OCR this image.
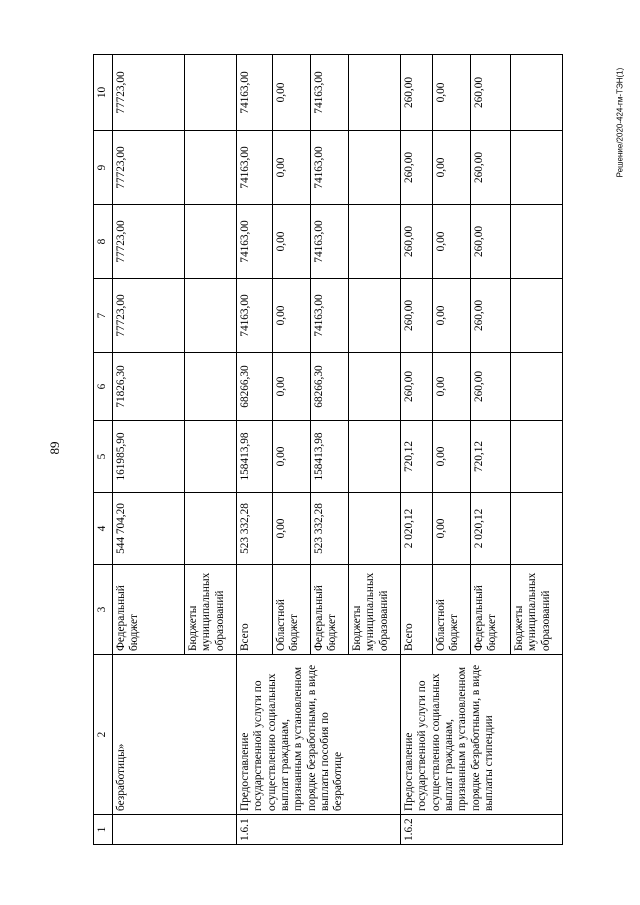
89
Решение/2020-424-гм-ТЭН(1)
1	2	3	4	5	6	7	8	9	10
	безработицы»	Федеральный бюджет	544 704,20	161985,90	71826,30	77723,00	77723,00	77723,00	77723,00
		Бюджеты муниципальных образований							
1.6.1	Предоставление государственной услуги по осуществлению социальных выплат гражданам, признанным в установленном порядке безработными, в виде выплаты пособия по безработице	Всего	523 332,28	158413,98	68266,30	74163,00	74163,00	74163,00	74163,00
		Областной бюджет	0,00	0,00	0,00	0,00	0,00	0,00	0,00
		Федеральный бюджет	523 332,28	158413,98	68266,30	74163,00	74163,00	74163,00	74163,00
		Бюджеты муниципальных образований							
1.6.2	Предоставление государственной услуги по осуществлению социальных выплат гражданам, признанным в установленном порядке безработными, в виде выплаты стипендии	Всего	2 020,12	720,12	260,00	260,00	260,00	260,00	260,00
		Областной бюджет	0,00	0,00	0,00	0,00	0,00	0,00	0,00
		Федеральный бюджет	2 020,12	720,12	260,00	260,00	260,00	260,00	260,00
		Бюджеты муниципальных образований							
